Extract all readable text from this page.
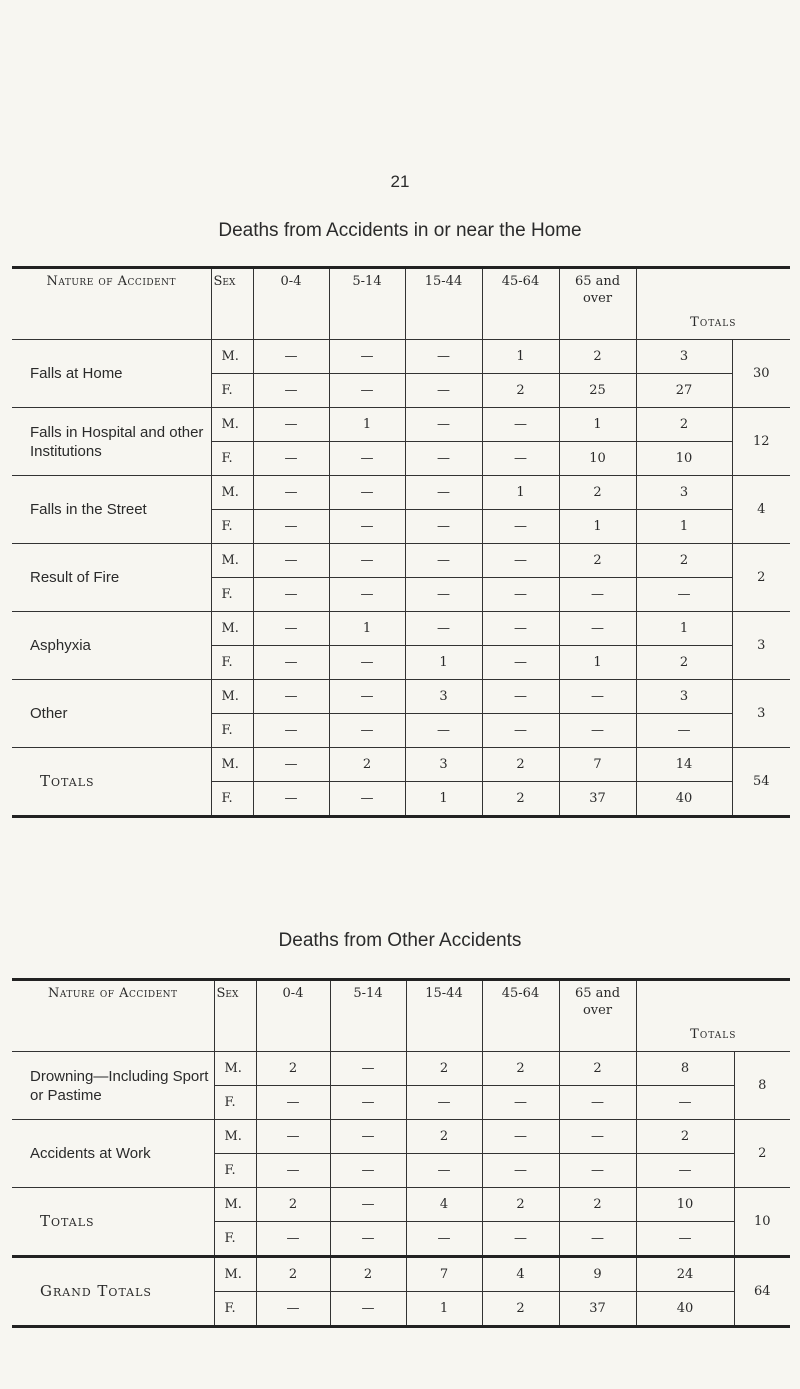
21
Deaths from Accidents in or near the Home
Nature of Accident	Sex	0-4	5-14	15-44	45-64	65 and over	Totals	
Falls at Home	M.	—	—	—	1	2	3	30
	F.	—	—	—	2	25	27	
Falls in Hospital and other Institutions	M.	—	1	—	—	1	2	12
	F.	—	—	—	—	10	10	
Falls in the Street	M.	—	—	—	1	2	3	4
	F.	—	—	—	—	1	1	
Result of Fire	M.	—	—	—	—	2	2	2
	F.	—	—	—	—	—	—	
Asphyxia	M.	—	1	—	—	—	1	3
	F.	—	—	1	—	1	2	
Other	M.	—	—	3	—	—	3	3
	F.	—	—	—	—	—	—	
Totals	M.	—	2	3	2	7	14	54
	F.	—	—	1	2	37	40	
Deaths from Other Accidents
Nature of Accident	Sex	0-4	5-14	15-44	45-64	65 and over	Totals	
Drowning—Including Sport or Pastime	M.	2	—	2	2	2	8	8
	F.	—	—	—	—	—	—	
Accidents at Work	M.	—	—	2	—	—	2	2
	F.	—	—	—	—	—	—	
Totals	M.	2	—	4	2	2	10	10
	F.	—	—	—	—	—	—	
Grand Totals	M.	2	2	7	4	9	24	64
	F.	—	—	1	2	37	40	
